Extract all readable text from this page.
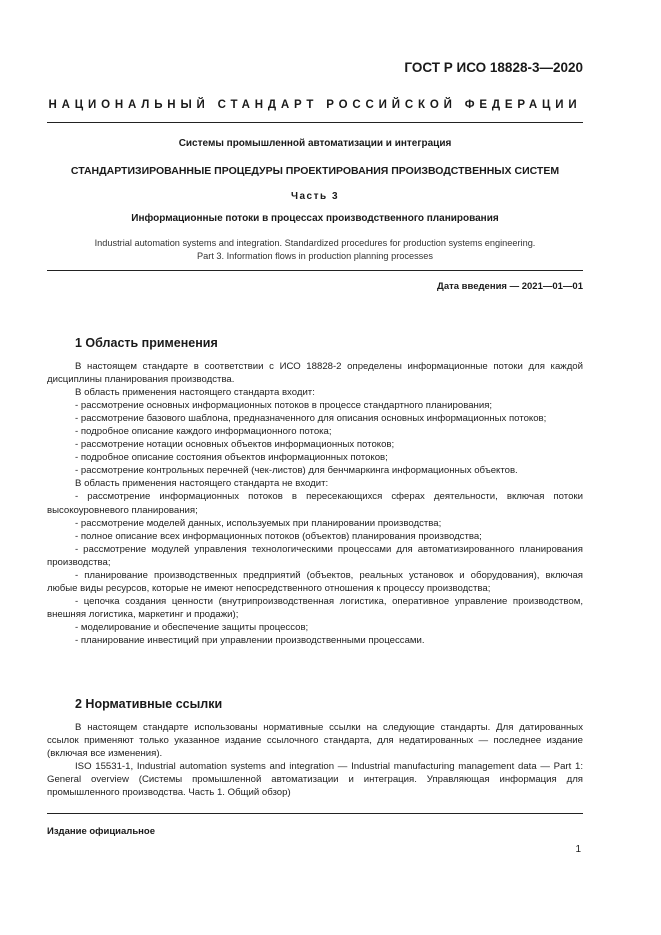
ГОСТ Р ИСО 18828-3—2020
НАЦИОНАЛЬНЫЙ СТАНДАРТ РОССИЙСКОЙ ФЕДЕРАЦИИ
Системы промышленной автоматизации и интеграция
СТАНДАРТИЗИРОВАННЫЕ ПРОЦЕДУРЫ ПРОЕКТИРОВАНИЯ ПРОИЗВОДСТВЕННЫХ СИСТЕМ
Часть 3
Информационные потоки в процессах производственного планирования
Industrial automation systems and integration. Standardized procedures for production systems engineering.
Part 3. Information flows in production planning processes
Дата введения — 2021—01—01
1 Область применения

В настоящем стандарте в соответствии с ИСО 18828-2 определены информационные потоки для каждой дисциплины планирования производства.

В область применения настоящего стандарта входит:

- рассмотрение основных информационных потоков в процессе стандартного планирования;

- рассмотрение базового шаблона, предназначенного для описания основных информационных потоков;

- подробное описание каждого информационного потока;

- рассмотрение нотации основных объектов информационных потоков;

- подробное описание состояния объектов информационных потоков;

- рассмотрение контрольных перечней (чек-листов) для бенчмаркинга информационных объектов.

В область применения настоящего стандарта не входит:

- рассмотрение информационных потоков в пересекающихся сферах деятельности, включая потоки высокоуровневого планирования;

- рассмотрение моделей данных, используемых при планировании производства;

- полное описание всех информационных потоков (объектов) планирования производства;

- рассмотрение модулей управления технологическими процессами для автоматизированного планирования производства;

- планирование производственных предприятий (объектов, реальных установок и оборудования), включая любые виды ресурсов, которые не имеют непосредственного отношения к процессу производства;

- цепочка создания ценности (внутрипроизводственная логистика, оперативное управление производством, внешняя логистика, маркетинг и продажи);

- моделирование и обеспечение защиты процессов;

- планирование инвестиций при управлении производственными процессами.

2 Нормативные ссылки

В настоящем стандарте использованы нормативные ссылки на следующие стандарты. Для датированных ссылок применяют только указанное издание ссылочного стандарта, для недатированных — последнее издание (включая все изменения).

ISO 15531-1, Industrial automation systems and integration — Industrial manufacturing management data — Part 1: General overview (Системы промышленной автоматизации и интеграция. Управляющая информация для промышленного производства. Часть 1. Общий обзор)

Издание официальное
1
